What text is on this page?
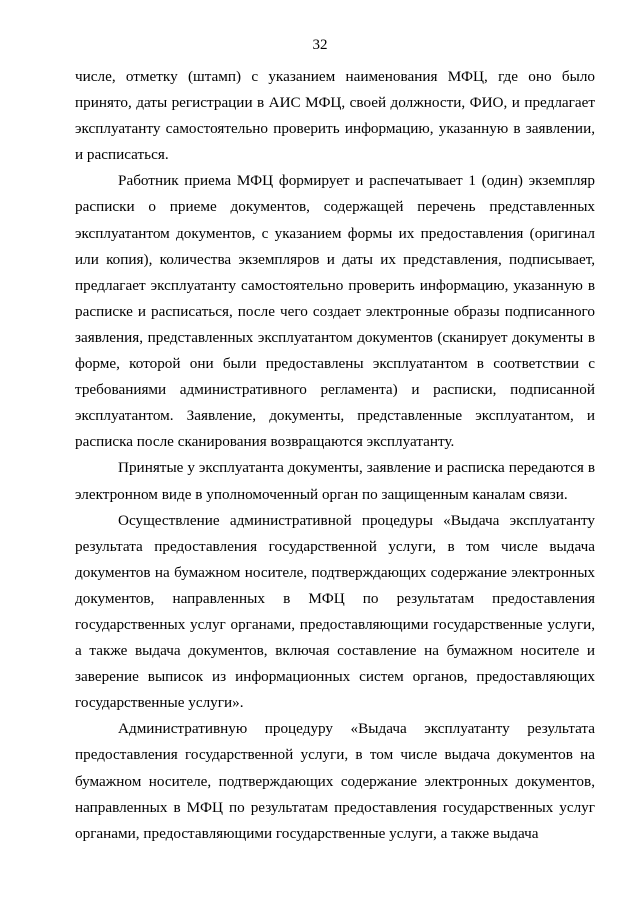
32

числе, отметку (штамп) с указанием наименования МФЦ, где оно было принято, даты регистрации в АИС МФЦ, своей должности, ФИО, и предлагает эксплуатанту самостоятельно проверить информацию, указанную в заявлении, и расписаться.

Работник приема МФЦ формирует и распечатывает 1 (один) экземпляр расписки о приеме документов, содержащей перечень представленных эксплуатантом документов, с указанием формы их предоставления (оригинал или копия), количества экземпляров и даты их представления, подписывает, предлагает эксплуатанту самостоятельно проверить информацию, указанную в расписке и расписаться, после чего создает электронные образы подписанного заявления, представленных эксплуатантом документов (сканирует документы в форме, которой они были предоставлены эксплуатантом в соответствии с требованиями административного регламента) и расписки, подписанной эксплуатантом. Заявление, документы, представленные эксплуатантом, и расписка после сканирования возвращаются эксплуатанту.

Принятые у эксплуатанта документы, заявление и расписка передаются в электронном виде в уполномоченный орган по защищенным каналам связи.

Осуществление административной процедуры «Выдача эксплуатанту результата предоставления государственной услуги, в том числе выдача документов на бумажном носителе, подтверждающих содержание электронных документов, направленных в МФЦ по результатам предоставления государственных услуг органами, предоставляющими государственные услуги, а также выдача документов, включая составление на бумажном носителе и заверение выписок из информационных систем органов, предоставляющих государственные услуги».

Административную процедуру «Выдача эксплуатанту результата предоставления государственной услуги, в том числе выдача документов на бумажном носителе, подтверждающих содержание электронных документов, направленных в МФЦ по результатам предоставления государственных услуг органами, предоставляющими государственные услуги, а также выдача
